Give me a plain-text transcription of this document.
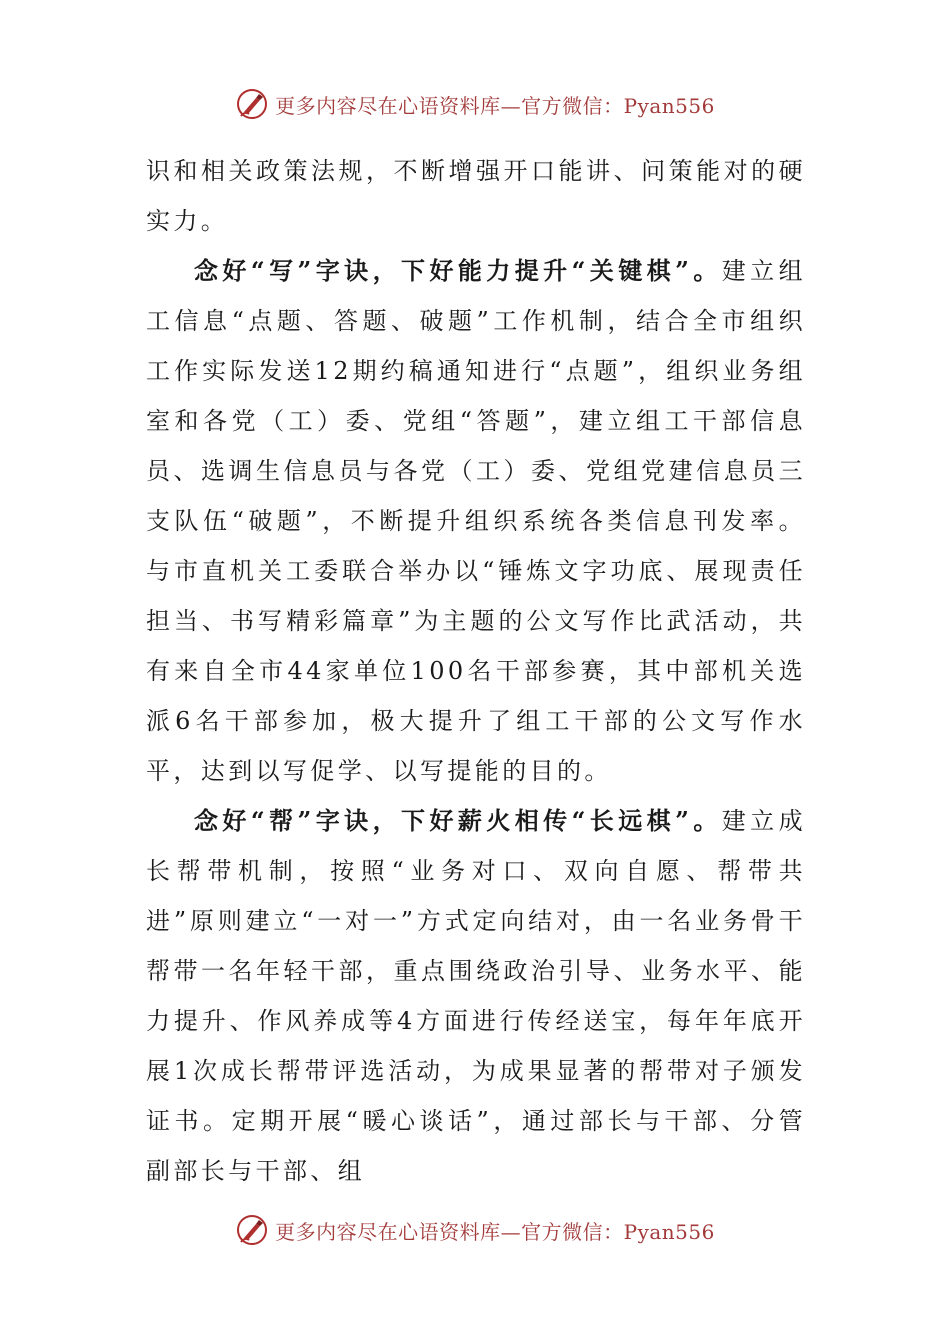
更多内容尽在心语资料库—官方微信：Pyan556

识和相关政策法规，不断增强开口能讲、问策能对的硬实力。

念好“写”字诀，下好能力提升“关键棋”。建立组工信息“点题、答题、破题”工作机制，结合全市组织工作实际发送12期约稿通知进行“点题”，组织业务组室和各党（工）委、党组“答题”，建立组工干部信息员、选调生信息员与各党（工）委、党组党建信息员三支队伍“破题”，不断提升组织系统各类信息刊发率。与市直机关工委联合举办以“锤炼文字功底、展现责任担当、书写精彩篇章”为主题的公文写作比武活动，共有来自全市44家单位100名干部参赛，其中部机关选派6名干部参加，极大提升了组工干部的公文写作水平，达到以写促学、以写提能的目的。

念好“帮”字诀，下好薪火相传“长远棋”。建立成长帮带机制，按照“业务对口、双向自愿、帮带共进”原则建立“一对一”方式定向结对，由一名业务骨干帮带一名年轻干部，重点围绕政治引导、业务水平、能力提升、作风养成等4方面进行传经送宝，每年年底开展1次成长帮带评选活动，为成果显著的帮带对子颁发证书。定期开展“暖心谈话”，通过部长与干部、分管副部长与干部、组

更多内容尽在心语资料库—官方微信：Pyan556
